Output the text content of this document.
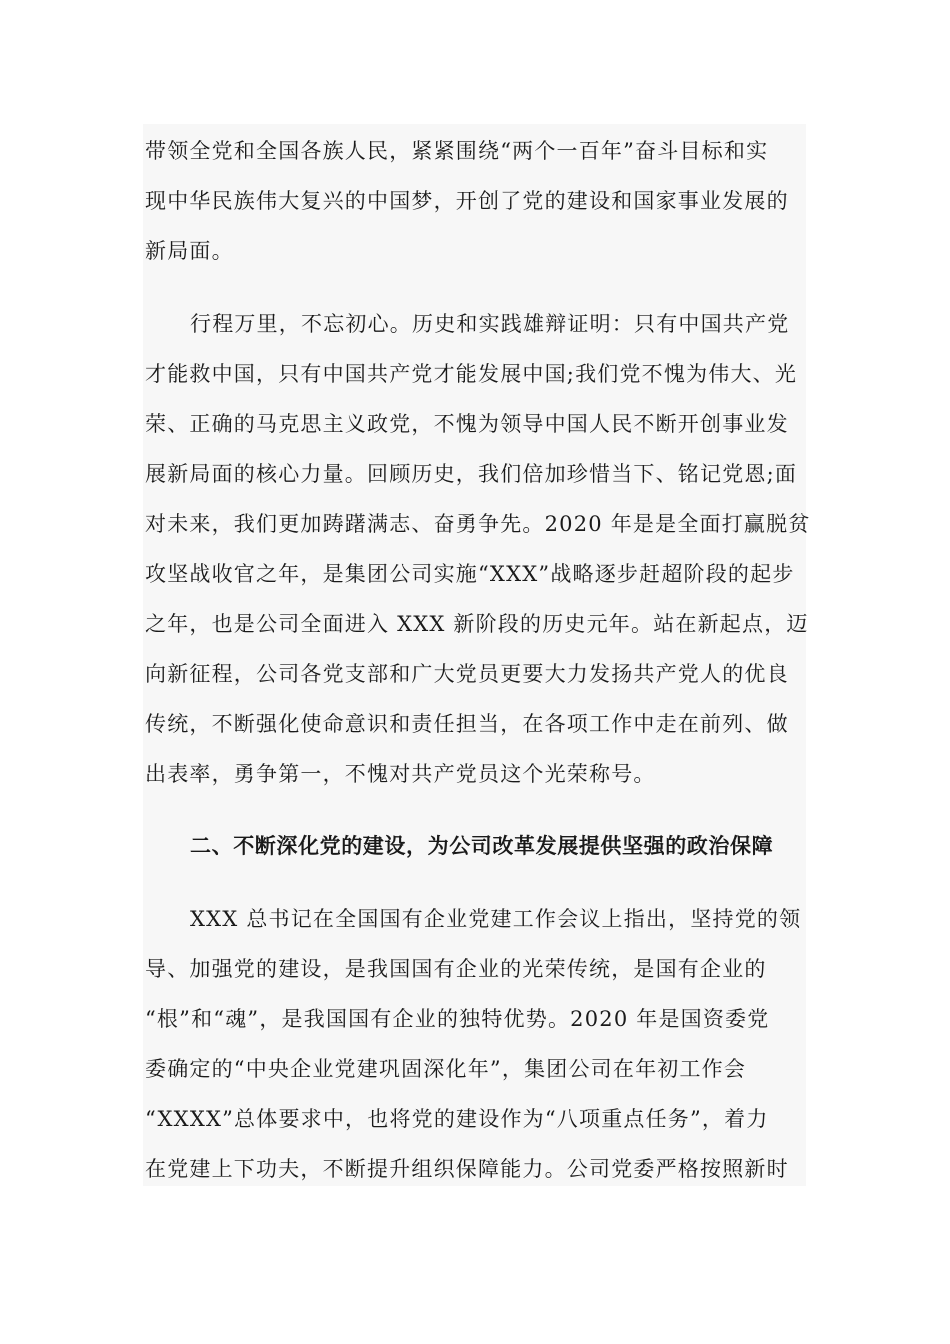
带领全党和全国各族人民，紧紧围绕“两个一百年”奋斗目标和实
现中华民族伟大复兴的中国梦，开创了党的建设和国家事业发展的
新局面。
行程万里，不忘初心。历史和实践雄辩证明：只有中国共产党
才能救中国，只有中国共产党才能发展中国;我们党不愧为伟大、光
荣、正确的马克思主义政党，不愧为领导中国人民不断开创事业发
展新局面的核心力量。回顾历史，我们倍加珍惜当下、铭记党恩;面
对未来，我们更加踌躇满志、奋勇争先。2020 年是是全面打赢脱贫
攻坚战收官之年，是集团公司实施“XXX”战略逐步赶超阶段的起步
之年，也是公司全面进入 XXX 新阶段的历史元年。站在新起点，迈
向新征程，公司各党支部和广大党员更要大力发扬共产党人的优良
传统，不断强化使命意识和责任担当，在各项工作中走在前列、做
出表率，勇争第一，不愧对共产党员这个光荣称号。
二、不断深化党的建设，为公司改革发展提供坚强的政治保障
XXX 总书记在全国国有企业党建工作会议上指出，坚持党的领
导、加强党的建设，是我国国有企业的光荣传统，是国有企业的
“根”和“魂”，是我国国有企业的独特优势。2020 年是国资委党
委确定的“中央企业党建巩固深化年”，集团公司在年初工作会
“XXXX”总体要求中，也将党的建设作为“八项重点任务”，着力
在党建上下功夫，不断提升组织保障能力。公司党委严格按照新时
